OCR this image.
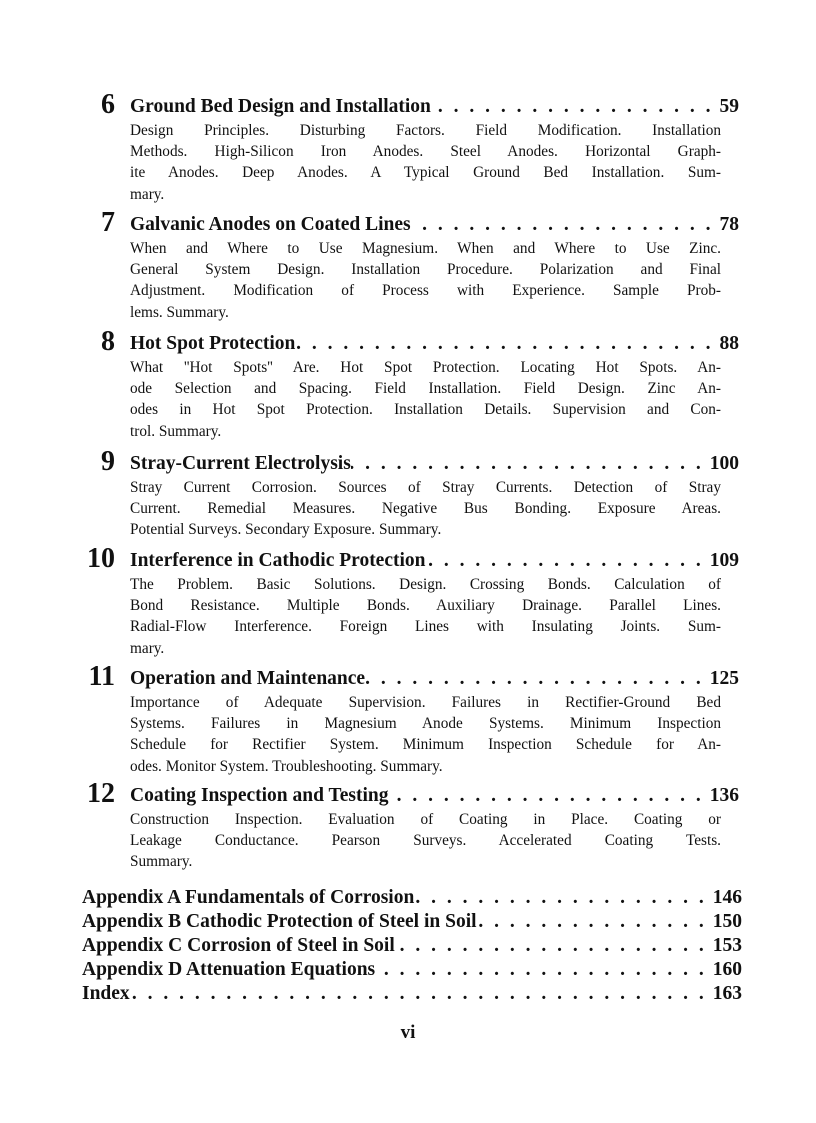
6 Ground Bed Design and Installation . . .	59
Design Principles. Disturbing Factors. Field Modification. Installation
Methods. High-Silicon Iron Anodes. Steel Anodes. Horizontal Graph-
ite Anodes. Deep Anodes. A Typical Ground Bed Installation. Sum-
mary.
7 Galvanic Anodes on Coated Lines . . .	78
When and Where to Use Magnesium. When and Where to Use Zinc.
General System Design. Installation Procedure. Polarization and Final
Adjustment. Modification of Process with Experience. Sample Prob-
lems. Summary.
8 Hot Spot Protection . . .	88
What ''Hot Spots'' Are. Hot Spot Protection. Locating Hot Spots. An-
ode Selection and Spacing. Field Installation. Field Design. Zinc An-
odes in Hot Spot Protection. Installation Details. Supervision and Con-
trol. Summary.
9 Stray-Current Electrolysis . . .	100
Stray Current Corrosion. Sources of Stray Currents. Detection of Stray
Current. Remedial Measures. Negative Bus Bonding. Exposure Areas.
Potential Surveys. Secondary Exposure. Summary.
10 Interference in Cathodic Protection . . .	109
The Problem. Basic Solutions. Design. Crossing Bonds. Calculation of
Bond Resistance. Multiple Bonds. Auxiliary Drainage. Parallel Lines.
Radial-Flow Interference. Foreign Lines with Insulating Joints. Sum-
mary.
11 Operation and Maintenance . . .	125
Importance of Adequate Supervision. Failures in Rectifier-Ground Bed
Systems. Failures in Magnesium Anode Systems. Minimum Inspection
Schedule for Rectifier System. Minimum Inspection Schedule for An-
odes. Monitor System. Troubleshooting. Summary.
12 Coating Inspection and Testing . . .	136
Construction Inspection. Evaluation of Coating in Place. Coating or
Leakage Conductance. Pearson Surveys. Accelerated Coating Tests.
Summary.
Appendix A Fundamentals of Corrosion . . .	146
Appendix B Cathodic Protection of Steel in Soil . . .	150
Appendix C Corrosion of Steel in Soil . . .	153
Appendix D Attenuation Equations . . .	160
Index . . .	163
vi
